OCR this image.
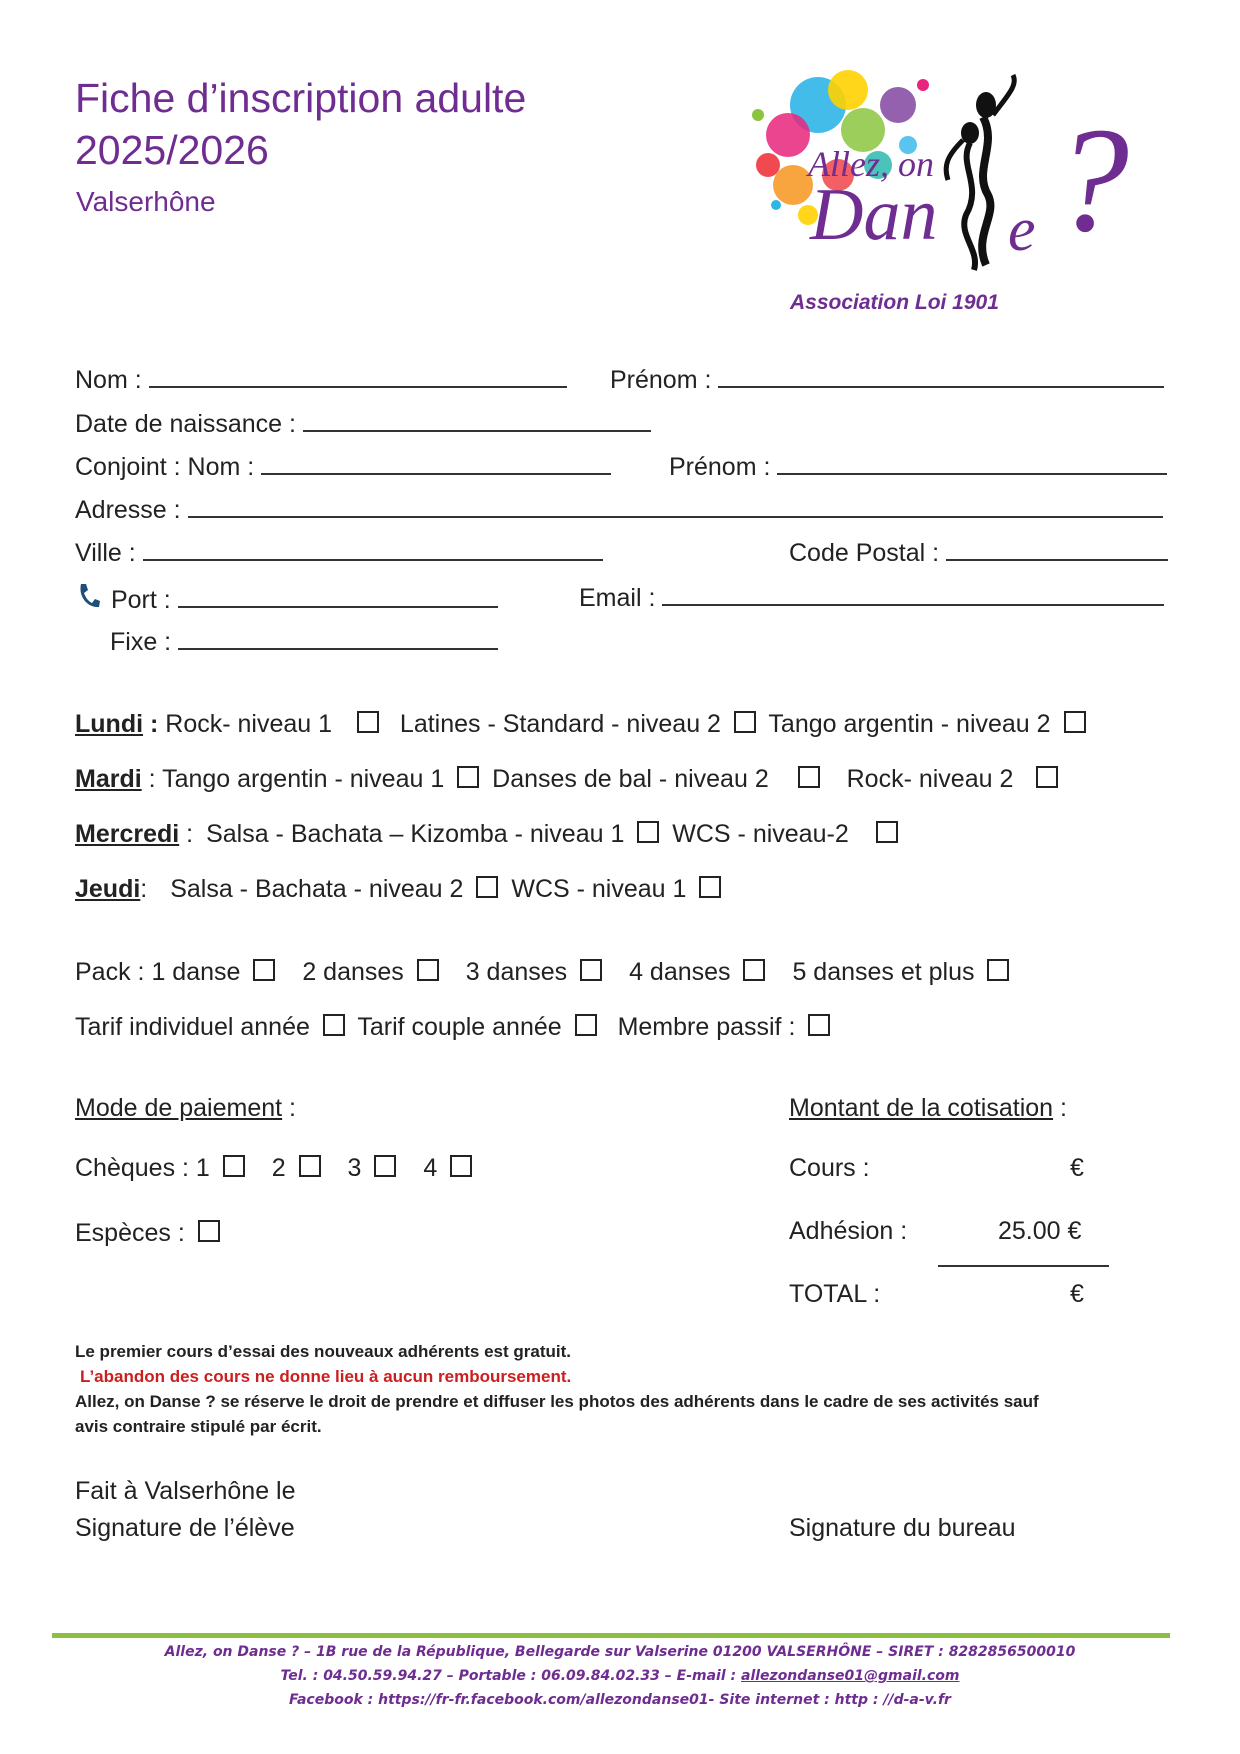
Fiche d’inscription adulte
2025/2026
Valserhône
Allez, on
Dan e ?
Association Loi 1901
Nom :	Prénom :
Date de naissance :
Conjoint : Nom :	Prénom :
Adresse :
Ville :	Code Postal :
Port :	Email :
Fixe :
Lundi : Rock- niveau 1	Latines - Standard - niveau 2 Tango argentin - niveau 2
Mardi : Tango argentin - niveau 1 Danses de bal - niveau 2	Rock- niveau 2
Mercredi : Salsa - Bachata – Kizomba - niveau 1 WCS - niveau-2
Jeudi: Salsa - Bachata - niveau 2 WCS - niveau 1
Pack : 1 danse 2 danses 3 danses 4 danses 5 danses et plus
Tarif individuel année Tarif couple année Membre passif :
Mode de paiement :
Chèques : 1 2 3 4
Espèces :
Montant de la cotisation :
Cours :	€
Adhésion :	25.00 €
TOTAL :	€
Le premier cours d’essai des nouveaux adhérents est gratuit.
L’abandon des cours ne donne lieu à aucun remboursement.
Allez, on Danse ? se réserve le droit de prendre et diffuser les photos des adhérents dans le cadre de ses activités sauf
avis contraire stipulé par écrit.
Fait à Valserhône le
Signature de l’élève	Signature du bureau
Allez, on Danse ? – 1B rue de la République, Bellegarde sur Valserine 01200 VALSERHÔNE – SIRET : 8282856500010
Tel. : 04.50.59.94.27 – Portable : 06.09.84.02.33 – E-mail : allezondanse01@gmail.com
Facebook : https://fr-fr.facebook.com/allezondanse01- Site internet : http : //d-a-v.fr
